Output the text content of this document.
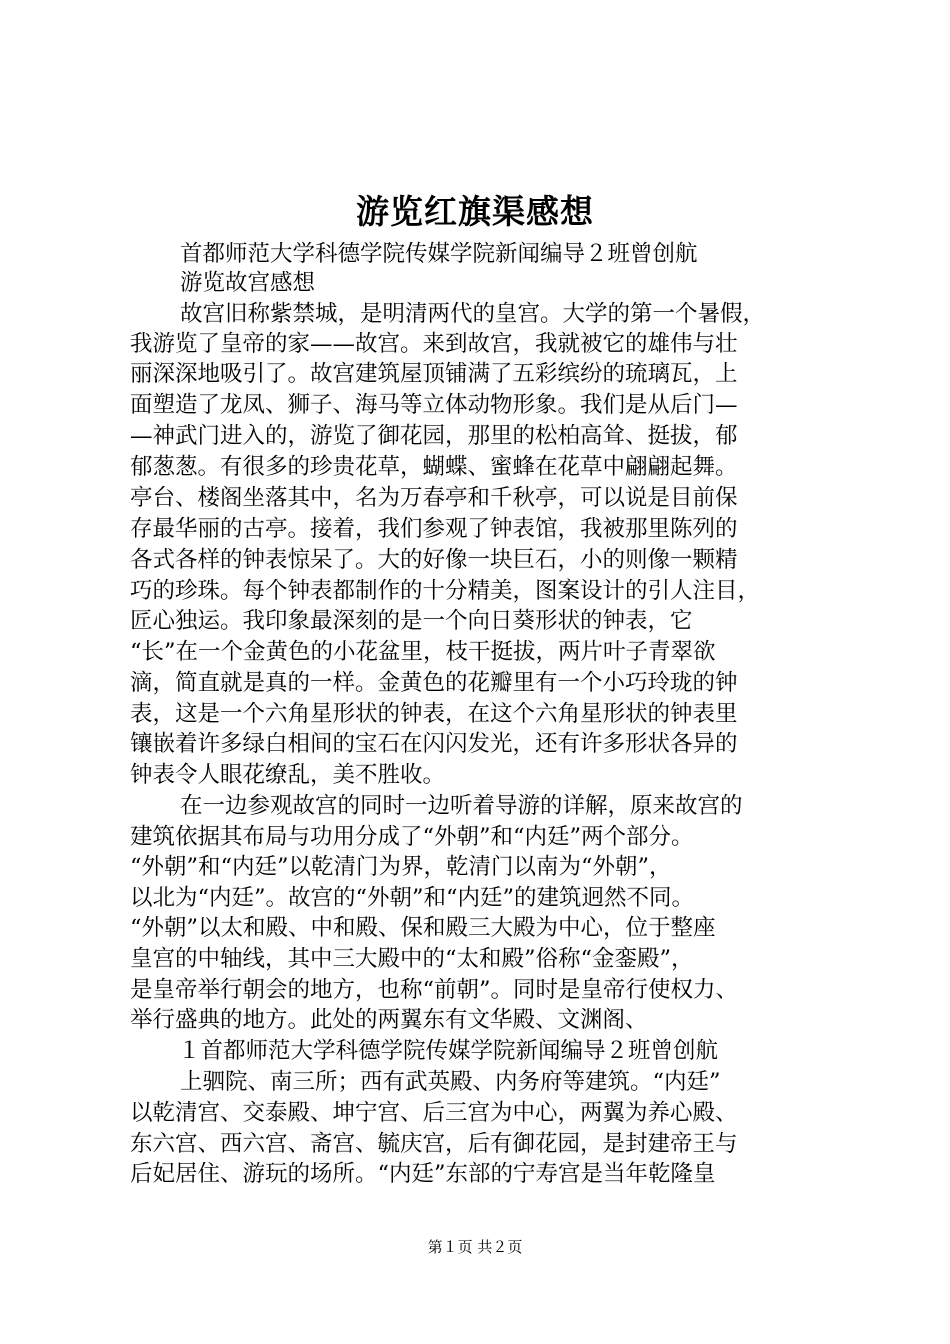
游览红旗渠感想

首都师范大学科德学院传媒学院新闻编导２班曾创航

游览故宫感想

故宫旧称紫禁城，是明清两代的皇宫。大学的第一个暑假，

我游览了皇帝的家——故宫。来到故宫，我就被它的雄伟与壮

丽深深地吸引了。故宫建筑屋顶铺满了五彩缤纷的琉璃瓦，上

面塑造了龙凤、狮子、海马等立体动物形象。我们是从后门—

—神武门进入的，游览了御花园，那里的松柏高耸、挺拔，郁

郁葱葱。有很多的珍贵花草，蝴蝶、蜜蜂在花草中翩翩起舞。

亭台、楼阁坐落其中，名为万春亭和千秋亭，可以说是目前保

存最华丽的古亭。接着，我们参观了钟表馆，我被那里陈列的

各式各样的钟表惊呆了。大的好像一块巨石，小的则像一颗精

巧的珍珠。每个钟表都制作的十分精美，图案设计的引人注目，

匠心独运。我印象最深刻的是一个向日葵形状的钟表，它

“长”在一个金黄色的小花盆里，枝干挺拔，两片叶子青翠欲

滴，简直就是真的一样。金黄色的花瓣里有一个小巧玲珑的钟

表，这是一个六角星形状的钟表，在这个六角星形状的钟表里

镶嵌着许多绿白相间的宝石在闪闪发光，还有许多形状各异的

钟表令人眼花缭乱，美不胜收。

在一边参观故宫的同时一边听着导游的详解，原来故宫的

建筑依据其布局与功用分成了“外朝”和“内廷”两个部分。

“外朝”和“内廷”以乾清门为界，乾清门以南为“外朝”，

以北为“内廷”。故宫的“外朝”和“内廷”的建筑迥然不同。

“外朝”以太和殿、中和殿、保和殿三大殿为中心，位于整座

皇宫的中轴线，其中三大殿中的“太和殿”俗称“金銮殿”，

是皇帝举行朝会的地方，也称“前朝”。同时是皇帝行使权力、

举行盛典的地方。此处的两翼东有文华殿、文渊阁、

１首都师范大学科德学院传媒学院新闻编导２班曾创航

上驷院、南三所；西有武英殿、内务府等建筑。“内廷”

以乾清宫、交泰殿、坤宁宫、后三宫为中心，两翼为养心殿、

东六宫、西六宫、斋宫、毓庆宫，后有御花园，是封建帝王与

后妃居住、游玩的场所。“内廷”东部的宁寿宫是当年乾隆皇

第１页 共２页
